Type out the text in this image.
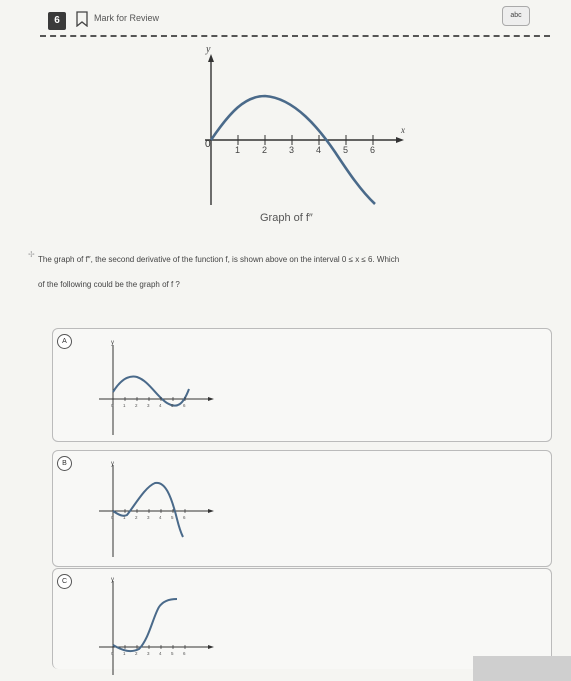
6	Mark for Review	abc
y
x
0	1 2 3 4 5 6
Graph of f″
✢
The graph of f″, the second derivative of the function f, is shown above on the interval 0 ≤ x ≤ 6. Which
of the following could be the graph of f ?
A	y
0 1 2 3 4 5 6
B	y
0 1 2 3 4 5 6
C	y
0 1 2 3 4 5 6
